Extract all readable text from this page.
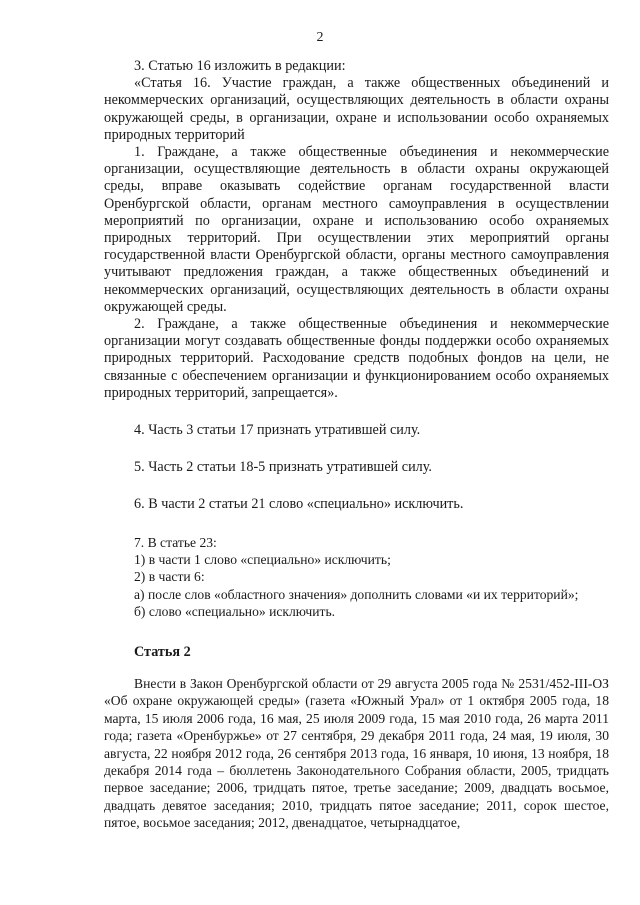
2

3. Статью 16 изложить в редакции:

«Статья 16. Участие граждан, а также общественных объединений и некоммерческих организаций, осуществляющих деятельность в области охраны окружающей среды, в организации, охране и использовании особо охраняемых природных территорий

1. Граждане, а также общественные объединения и некоммерческие организации, осуществляющие деятельность в области охраны окружающей среды, вправе оказывать содействие органам государственной власти Оренбургской области, органам местного самоуправления в осуществлении мероприятий по организации, охране и использованию особо охраняемых природных территорий. При осуществлении этих мероприятий органы государственной власти Оренбургской области, органы местного самоуправления учитывают предложения граждан, а также общественных объединений и некоммерческих организаций, осуществляющих деятельность в области охраны окружающей среды.

2. Граждане, а также общественные объединения и некоммерческие организации могут создавать общественные фонды поддержки особо охраняемых природных территорий. Расходование средств подобных фондов на цели, не связанные с обеспечением организации и функционированием особо охраняемых природных территорий, запрещается».

4. Часть 3 статьи 17 признать утратившей силу.

5. Часть 2 статьи 18-5 признать утратившей силу.

6. В части 2 статьи 21 слово «специально» исключить.

7. В статье 23:

1) в части 1 слово «специально» исключить;

2) в части 6:

а) после слов «областного значения» дополнить словами «и их территорий»;

б) слово «специально» исключить.

Статья 2

Внести в Закон Оренбургской области от 29 августа 2005 года № 2531/452-III-ОЗ «Об охране окружающей среды» (газета «Южный Урал» от 1 октября 2005 года, 18 марта, 15 июля 2006 года, 16 мая, 25 июля 2009 года, 15 мая 2010 года, 26 марта 2011 года; газета «Оренбуржье» от 27 сентября, 29 декабря 2011 года, 24 мая, 19 июля, 30 августа, 22 ноября 2012 года, 26 сентября 2013 года, 16 января, 10 июня, 13 ноября, 18 декабря 2014 года – бюллетень Законодательного Собрания области, 2005, тридцать первое заседание; 2006, тридцать пятое, третье заседание; 2009, двадцать восьмое, двадцать девятое заседания; 2010, тридцать пятое заседание; 2011, сорок шестое, пятое, восьмое заседания; 2012, двенадцатое, четырнадцатое,
